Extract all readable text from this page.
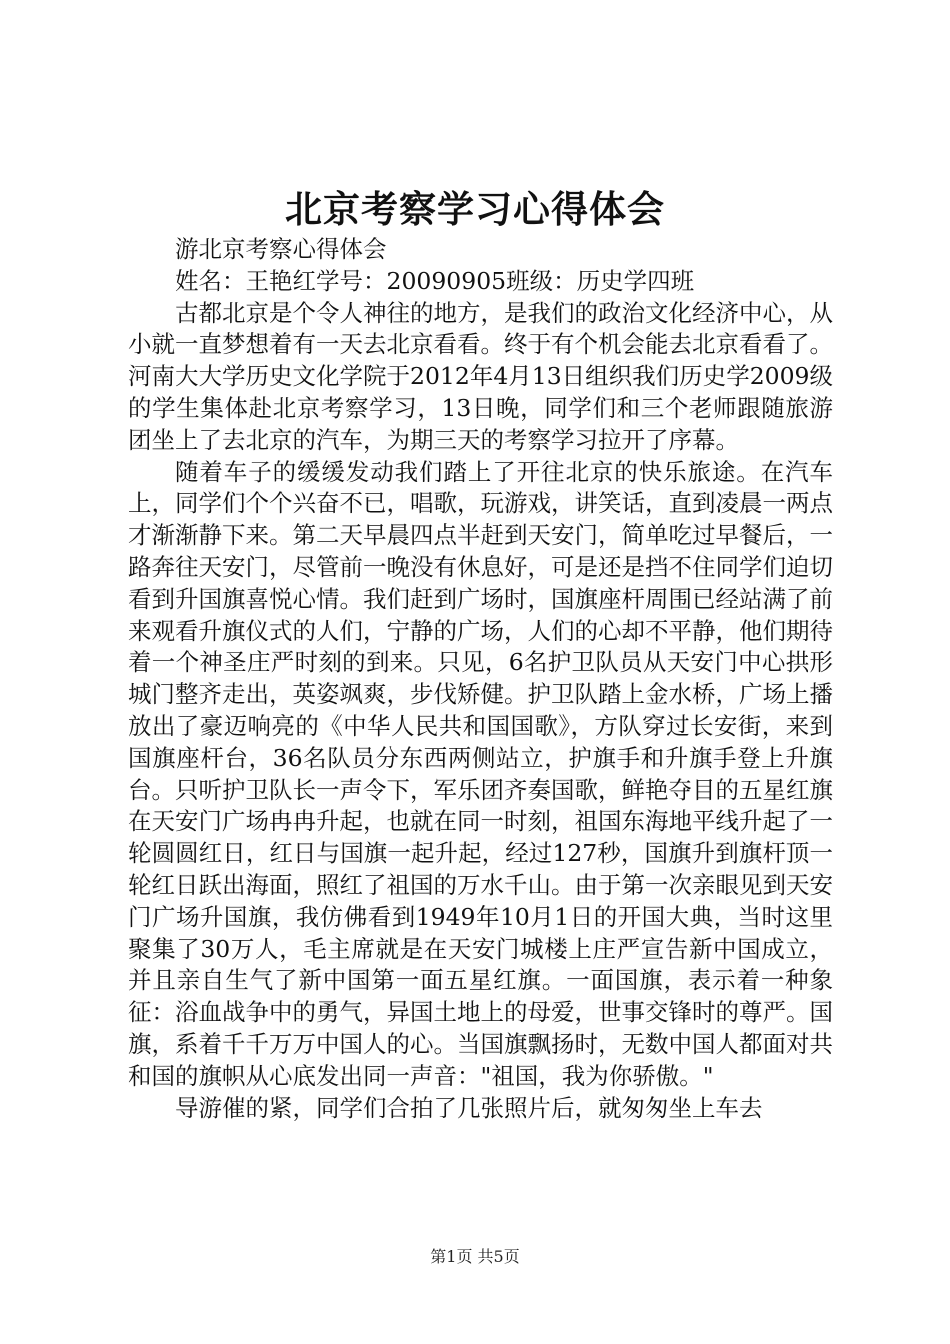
北京考察学习心得体会

游北京考察心得体会

姓名：王艳红学号：20090905班级：历史学四班

古都北京是个令人神往的地方，是我们的政治文化经济中心，从小就一直梦想着有一天去北京看看。终于有个机会能去北京看看了。河南大大学历史文化学院于2012年4月13日组织我们历史学2009级的学生集体赴北京考察学习，13日晚，同学们和三个老师跟随旅游团坐上了去北京的汽车，为期三天的考察学习拉开了序幕。

随着车子的缓缓发动我们踏上了开往北京的快乐旅途。在汽车上，同学们个个兴奋不已，唱歌，玩游戏，讲笑话，直到凌晨一两点才渐渐静下来。第二天早晨四点半赶到天安门，简单吃过早餐后，一路奔往天安门，尽管前一晚没有休息好，可是还是挡不住同学们迫切看到升国旗喜悦心情。我们赶到广场时，国旗座杆周围已经站满了前来观看升旗仪式的人们，宁静的广场，人们的心却不平静，他们期待着一个神圣庄严时刻的到来。只见，6名护卫队员从天安门中心拱形城门整齐走出，英姿飒爽，步伐矫健。护卫队踏上金水桥，广场上播放出了豪迈响亮的《中华人民共和国国歌》，方队穿过长安街，来到国旗座杆台，36名队员分东西两侧站立，护旗手和升旗手登上升旗台。只听护卫队长一声令下，军乐团齐奏国歌，鲜艳夺目的五星红旗在天安门广场冉冉升起，也就在同一时刻，祖国东海地平线升起了一轮圆圆红日，红日与国旗一起升起，经过127秒，国旗升到旗杆顶一轮红日跃出海面，照红了祖国的万水千山。由于第一次亲眼见到天安门广场升国旗，我仿佛看到1949年10月1日的开国大典，当时这里聚集了30万人，毛主席就是在天安门城楼上庄严宣告新中国成立，并且亲自生气了新中国第一面五星红旗。一面国旗，表示着一种象征：浴血战争中的勇气，异国土地上的母爱，世事交锋时的尊严。国旗，系着千千万万中国人的心。当国旗飘扬时，无数中国人都面对共和国的旗帜从心底发出同一声音："祖国，我为你骄傲。"

导游催的紧，同学们合拍了几张照片后，就匆匆坐上车去

第1页 共5页
